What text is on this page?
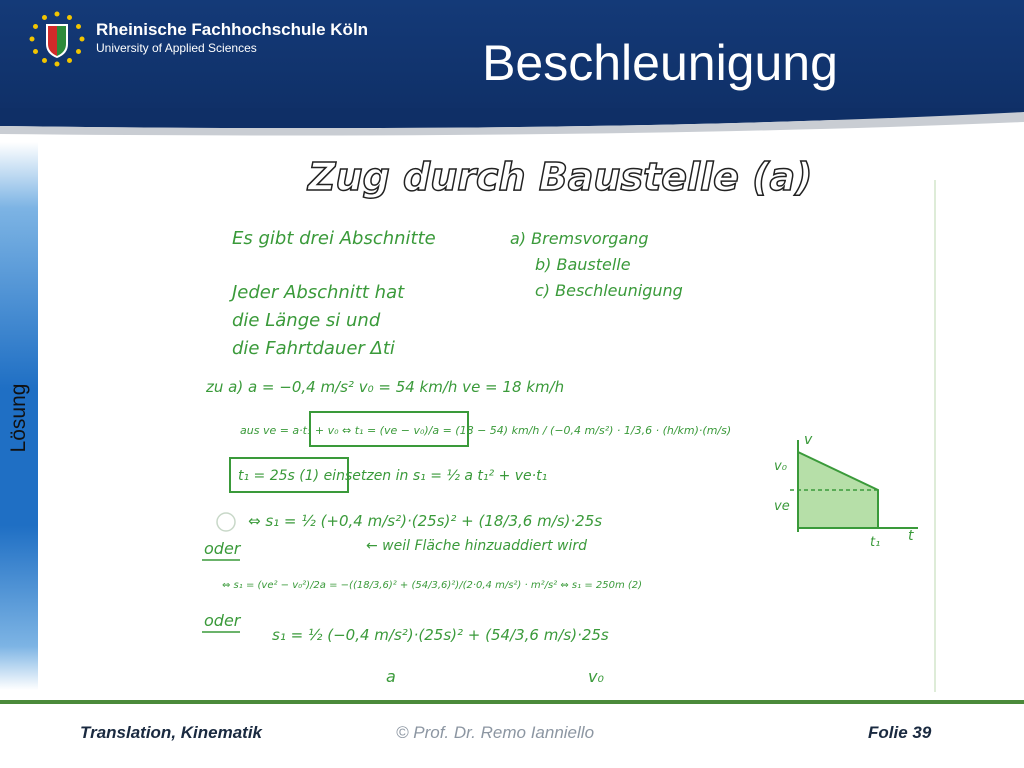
Rheinische Fachhochschule Köln
University of Applied Sciences	Beschleunigung
Lösung
Zug durch Baustelle (a)
Es gibt drei Abschnitte	a) Bremsvorgang
b) Baustelle
c) Beschleunigung
Jeder Abschnitt hat
die Länge si und
die Fahrtdauer Δti
zu a) a = −0,4 m/s² v₀ = 54 km/h ve = 18 km/h
aus ve = a·t₁ + v₀ ⇔ t₁ = (ve − v₀)/a = (18 − 54) km/h / (−0,4 m/s²) · 1/3,6 · (h/km)·(m/s)
t₁ = 25s (1) einsetzen in s₁ = ½ a t₁² + ve·t₁
⇔ s₁ = ½ (+0,4 m/s²)·(25s)² + (18/3,6 m/s)·25s
← weil Fläche hinzuaddiert wird
oder
⇔ s₁ = (ve² − v₀²)/2a = −((18/3,6)² + (54/3,6)²)/(2·0,4 m/s²) · m²/s² ⇔ s₁ = 250m (2)
oder
s₁ = ½ (−0,4 m/s²)·(25s)² + (54/3,6 m/s)·25s
a	v₀
v
v₀
ve
t
t₁
Translation, Kinematik	© Prof. Dr. Remo Ianniello	Folie 39
